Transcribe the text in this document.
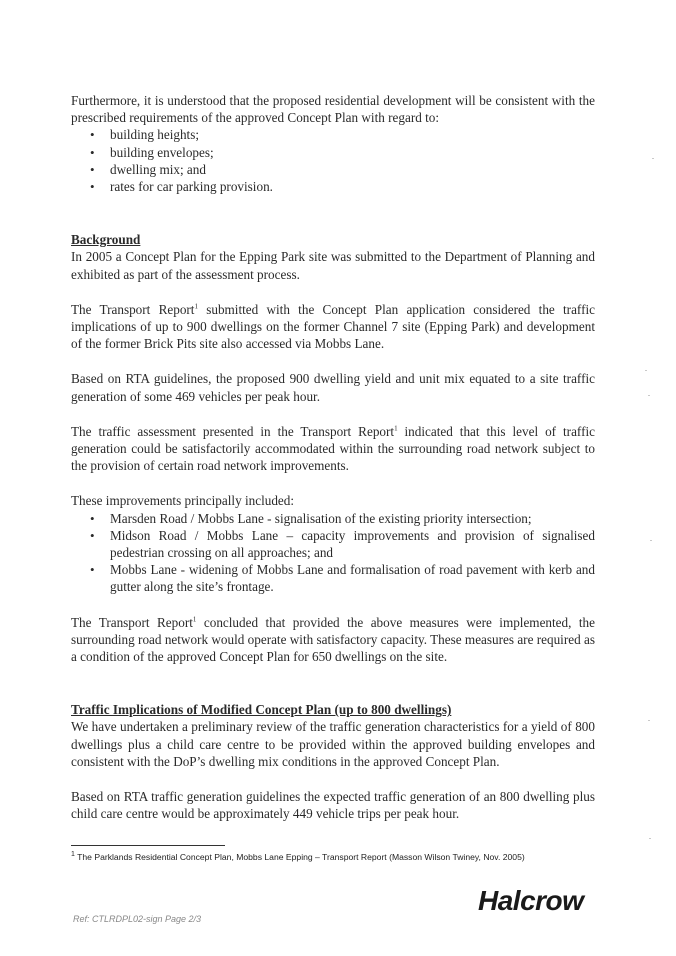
Furthermore, it is understood that the proposed residential development will be consistent with the prescribed requirements of the approved Concept Plan with regard to:

• building heights;
• building envelopes;
• dwelling mix; and
• rates for car parking provision.
Background

In 2005 a Concept Plan for the Epping Park site was submitted to the Department of Planning and exhibited as part of the assessment process.

The Transport Report$^1$ submitted with the Concept Plan application considered the traffic implications of up to 900 dwellings on the former Channel 7 site (Epping Park) and development of the former Brick Pits site also accessed via Mobbs Lane.

Based on RTA guidelines, the proposed 900 dwelling yield and unit mix equated to a site traffic generation of some 469 vehicles per peak hour.

The traffic assessment presented in the Transport Report$^1$ indicated that this level of traffic generation could be satisfactorily accommodated within the surrounding road network subject to the provision of certain road network improvements.

These improvements principally included:

• Marsden Road / Mobbs Lane - signalisation of the existing priority intersection;
• Midson Road / Mobbs Lane – capacity improvements and provision of signalised pedestrian crossing on all approaches; and
• Mobbs Lane - widening of Mobbs Lane and formalisation of road pavement with kerb and gutter along the site’s frontage.

The Transport Report$^1$ concluded that provided the above measures were implemented, the surrounding road network would operate with satisfactory capacity. These measures are required as a condition of the approved Concept Plan for 650 dwellings on the site.

Traffic Implications of Modified Concept Plan (up to 800 dwellings)

We have undertaken a preliminary review of the traffic generation characteristics for a yield of 800 dwellings plus a child care centre to be provided within the approved building envelopes and consistent with the DoP’s dwelling mix conditions in the approved Concept Plan.

Based on RTA traffic generation guidelines the expected traffic generation of an 800 dwelling plus child care centre would be approximately 449 vehicle trips per peak hour.

$^1$ The Parklands Residential Concept Plan, Mobbs Lane Epping – Transport Report (Masson Wilson Twiney, Nov. 2005)
Ref: CTLRDPL02-sign Page 2/3
Halcrow
